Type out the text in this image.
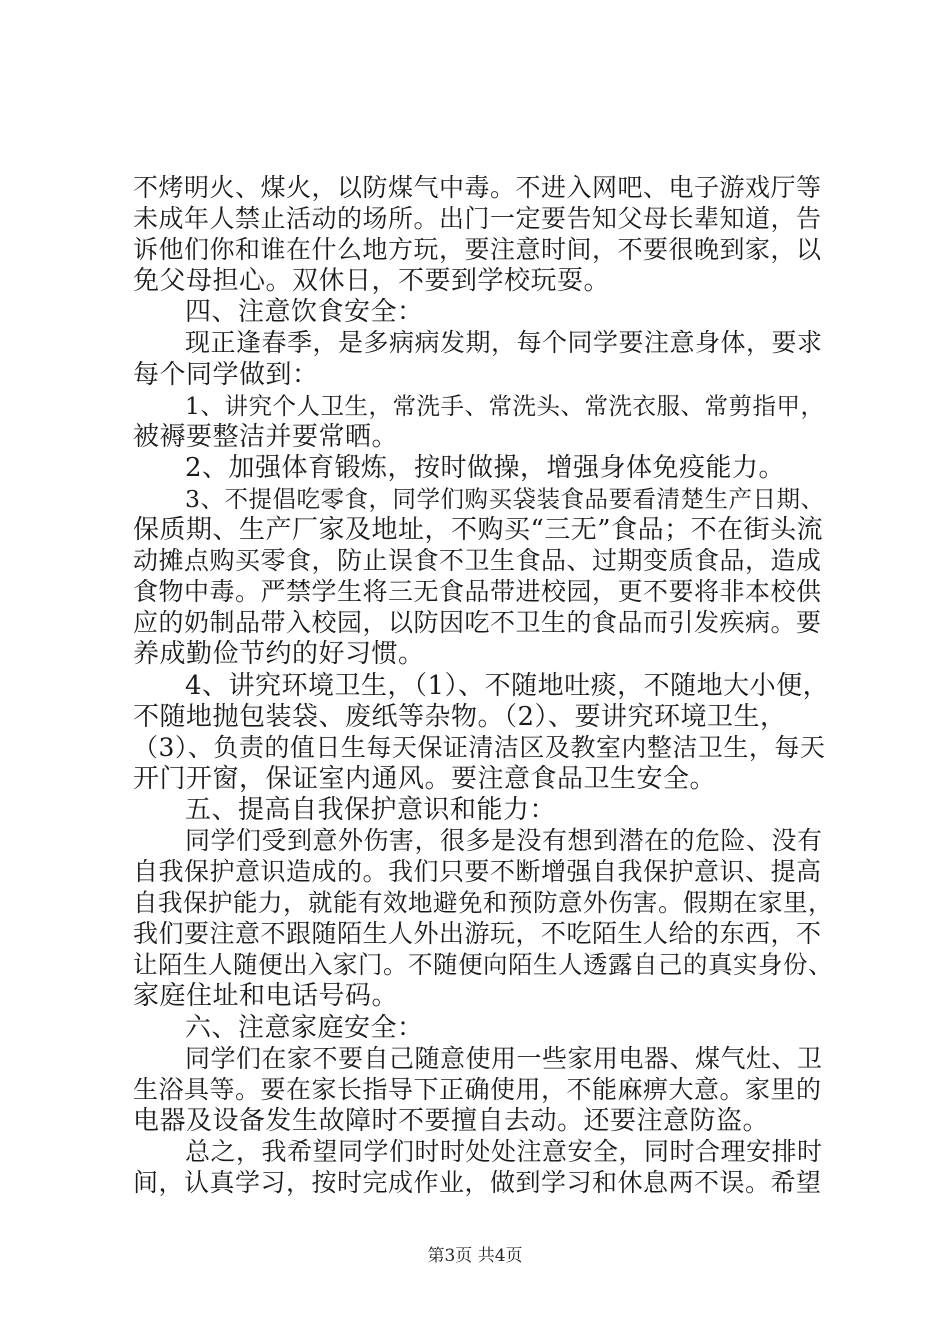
不烤明火、煤火，以防煤气中毒。不进入网吧、电子游戏厅等
未成年人禁止活动的场所。出门一定要告知父母长辈知道，告
诉他们你和谁在什么地方玩，要注意时间，不要很晚到家，以
免父母担心。双休日，不要到学校玩耍。
四、注意饮食安全：
现正逢春季，是多病病发期，每个同学要注意身体，要求
每个同学做到：
1、讲究个人卫生，常洗手、常洗头、常洗衣服、常剪指甲，
被褥要整洁并要常晒。
2、加强体育锻炼，按时做操，增强身体免疫能力。
3、不提倡吃零食，同学们购买袋装食品要看清楚生产日期、
保质期、生产厂家及地址，不购买“三无”食品；不在街头流
动摊点购买零食，防止误食不卫生食品、过期变质食品，造成
食物中毒。严禁学生将三无食品带进校园，更不要将非本校供
应的奶制品带入校园，以防因吃不卫生的食品而引发疾病。要
养成勤俭节约的好习惯。
4、讲究环境卫生，（1）、不随地吐痰，不随地大小便，
不随地抛包装袋、废纸等杂物。（2）、要讲究环境卫生，
（3）、负责的值日生每天保证清洁区及教室内整洁卫生，每天
开门开窗，保证室内通风。要注意食品卫生安全。
五、提高自我保护意识和能力：
同学们受到意外伤害，很多是没有想到潜在的危险、没有
自我保护意识造成的。我们只要不断增强自我保护意识、提高
自我保护能力，就能有效地避免和预防意外伤害。假期在家里，
我们要注意不跟随陌生人外出游玩，不吃陌生人给的东西，不
让陌生人随便出入家门。不随便向陌生人透露自己的真实身份、
家庭住址和电话号码。
六、注意家庭安全：
同学们在家不要自己随意使用一些家用电器、煤气灶、卫
生浴具等。要在家长指导下正确使用，不能麻痹大意。家里的
电器及设备发生故障时不要擅自去动。还要注意防盗。
总之，我希望同学们时时处处注意安全，同时合理安排时
间，认真学习，按时完成作业，做到学习和休息两不误。希望
第3页 共4页
